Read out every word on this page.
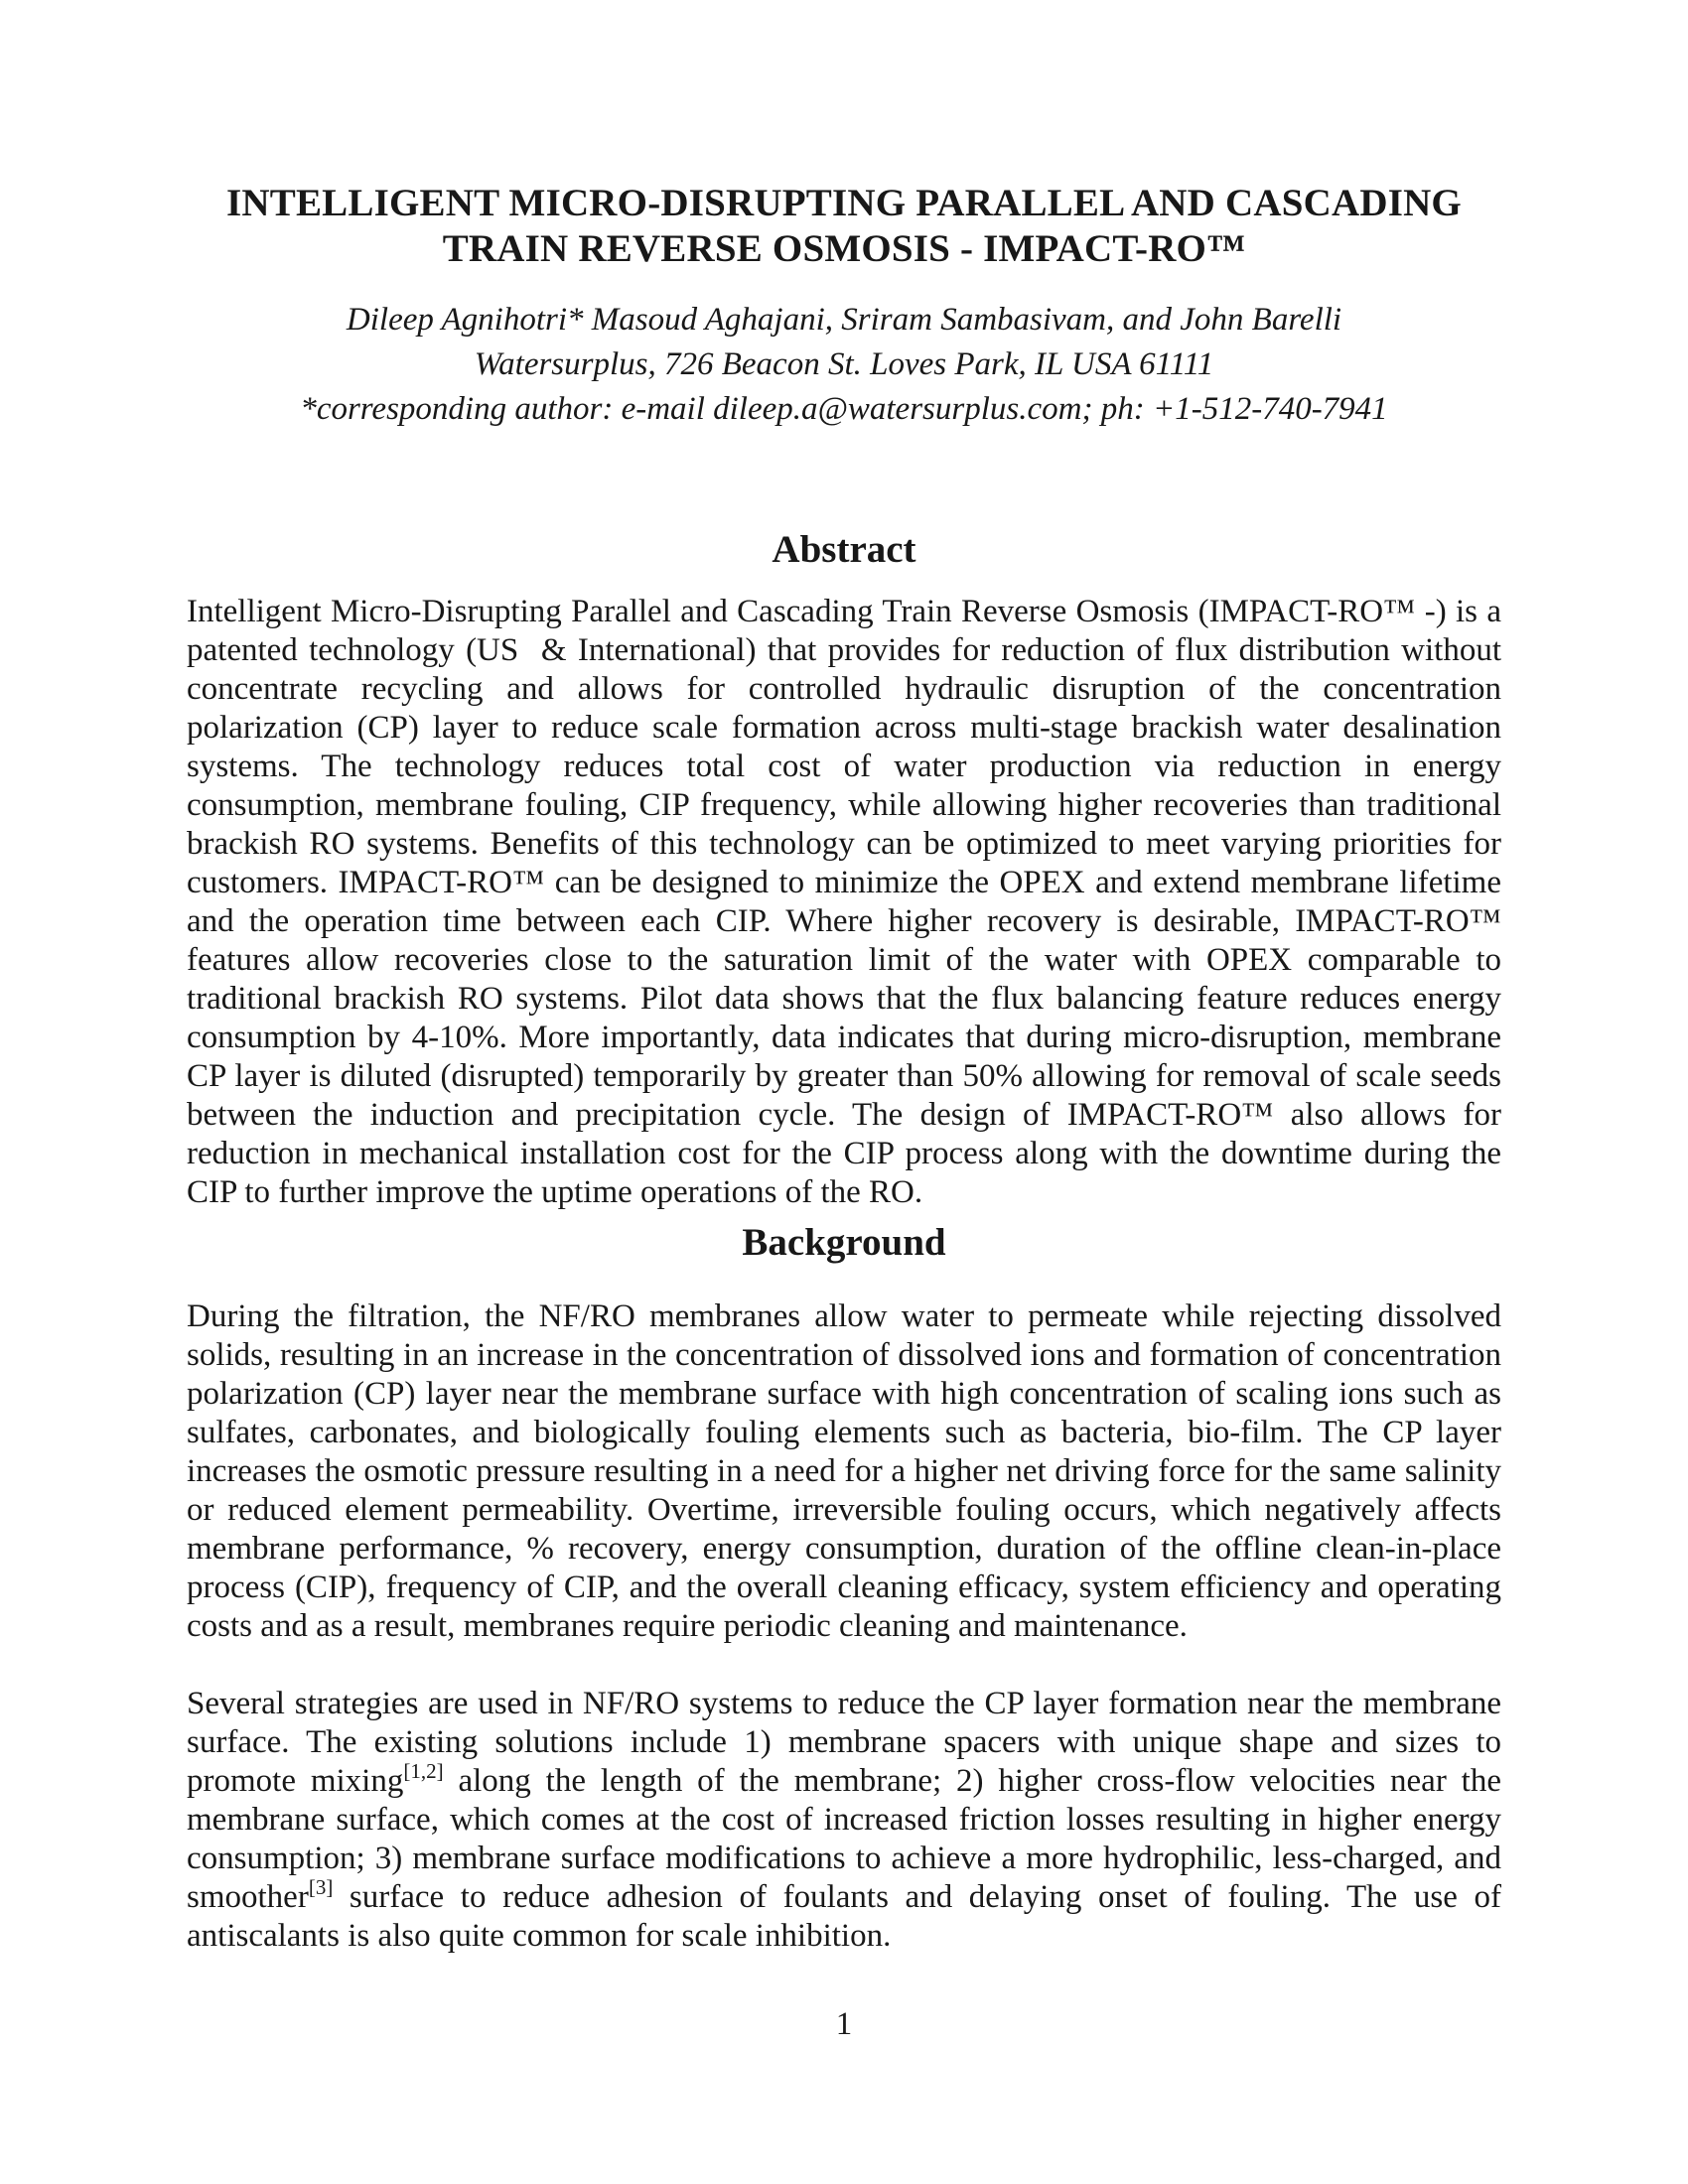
INTELLIGENT MICRO-DISRUPTING PARALLEL AND CASCADING
TRAIN REVERSE OSMOSIS - IMPACT-RO™
Dileep Agnihotri* Masoud Aghajani, Sriram Sambasivam, and John Barelli
Watersurplus, 726 Beacon St. Loves Park, IL USA 61111
*corresponding author: e-mail dileep.a@watersurplus.com; ph: +1-512-740-7941
Abstract

Intelligent Micro-Disrupting Parallel and Cascading Train Reverse Osmosis (IMPACT-RO™ -) is a patented technology (US  & International) that provides for reduction of flux distribution without concentrate recycling and allows for controlled hydraulic disruption of the concentration polarization (CP) layer to reduce scale formation across multi-stage brackish water desalination systems. The technology reduces total cost of water production via reduction in energy consumption, membrane fouling, CIP frequency, while allowing higher recoveries than traditional brackish RO systems. Benefits of this technology can be optimized to meet varying priorities for customers. IMPACT-RO™ can be designed to minimize the OPEX and extend membrane lifetime and the operation time between each CIP. Where higher recovery is desirable, IMPACT-RO™ features allow recoveries close to the saturation limit of the water with OPEX comparable to traditional brackish RO systems. Pilot data shows that the flux balancing feature reduces energy consumption by 4-10%. More importantly, data indicates that during micro-disruption, membrane CP layer is diluted (disrupted) temporarily by greater than 50% allowing for removal of scale seeds between the induction and precipitation cycle. The design of IMPACT-RO™ also allows for reduction in mechanical installation cost for the CIP process along with the downtime during the CIP to further improve the uptime operations of the RO.

Background

During the filtration, the NF/RO membranes allow water to permeate while rejecting dissolved solids, resulting in an increase in the concentration of dissolved ions and formation of concentration polarization (CP) layer near the membrane surface with high concentration of scaling ions such as sulfates, carbonates, and biologically fouling elements such as bacteria, bio-film. The CP layer increases the osmotic pressure resulting in a need for a higher net driving force for the same salinity or reduced element permeability. Overtime, irreversible fouling occurs, which negatively affects membrane performance, % recovery, energy consumption, duration of the offline clean-in-place process (CIP), frequency of CIP, and the overall cleaning efficacy, system efficiency and operating costs and as a result, membranes require periodic cleaning and maintenance.

Several strategies are used in NF/RO systems to reduce the CP layer formation near the membrane surface. The existing solutions include 1) membrane spacers with unique shape and sizes to promote mixing[1,2] along the length of the membrane; 2) higher cross-flow velocities near the membrane surface, which comes at the cost of increased friction losses resulting in higher energy consumption; 3) membrane surface modifications to achieve a more hydrophilic, less-charged, and smoother[3] surface to reduce adhesion of foulants and delaying onset of fouling. The use of antiscalants is also quite common for scale inhibition.

1
